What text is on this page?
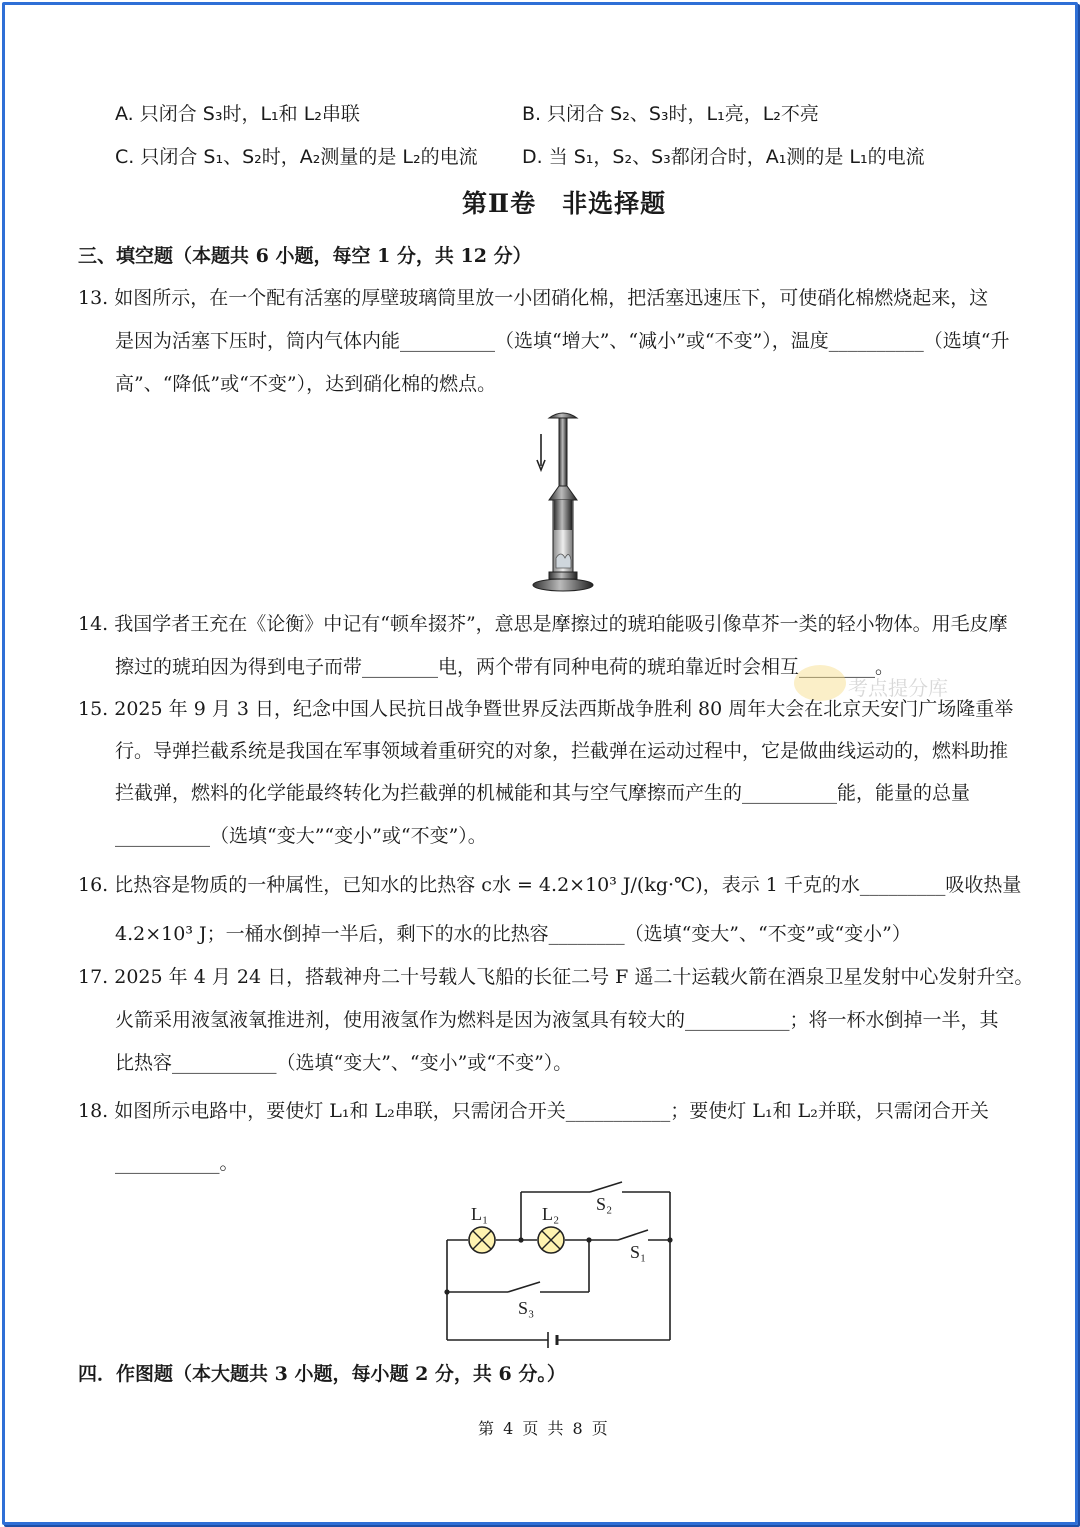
A. 只闭合 S₃时，L₁和 L₂串联	B. 只闭合 S₂、S₃时，L₁亮，L₂不亮
C. 只闭合 S₁、S₂时，A₂测量的是 L₂的电流 D. 当 S₁，S₂、S₃都闭合时，A₁测的是 L₁的电流
第Ⅱ卷　非选择题
三、填空题（本题共 6 小题，每空 1 分，共 12 分）
13. 如图所示，在一个配有活塞的厚壁玻璃筒里放一小团硝化棉，把活塞迅速压下，可使硝化棉燃烧起来，这
是因为活塞下压时，筒内气体内能__________（选填“增大”、“减小”或“不变”），温度__________（选填“升
高”、“降低”或“不变”），达到硝化棉的燃点。
14. 我国学者王充在《论衡》中记有“顿牟掇芥”，意思是摩擦过的琥珀能吸引像草芥一类的轻小物体。用毛皮摩
擦过的琥珀因为得到电子而带________电，两个带有同种电荷的琥珀靠近时会相互________。
考点提分库
15. 2025 年 9 月 3 日，纪念中国人民抗日战争暨世界反法西斯战争胜利 80 周年大会在北京天安门广场隆重举
行。导弹拦截系统是我国在军事领域着重研究的对象，拦截弹在运动过程中，它是做曲线运动的，燃料助推
拦截弹，燃料的化学能最终转化为拦截弹的机械能和其与空气摩擦而产生的__________能，能量的总量
__________（选填“变大”“变小”或“不变”）。
16. 比热容是物质的一种属性，已知水的比热容 c水 = 4.2×10³ J/(kg·℃)，表示 1 千克的水_________吸收热量
4.2×10³ J；一桶水倒掉一半后，剩下的水的比热容________（选填“变大”、“不变”或“变小”）
17. 2025 年 4 月 24 日，搭载神舟二十号载人飞船的长征二号 F 遥二十运载火箭在酒泉卫星发射中心发射升空。
火箭采用液氢液氧推进剂，使用液氢作为燃料是因为液氢具有较大的___________；将一杯水倒掉一半，其
比热容___________（选填“变大”、“变小”或“不变”）。
18. 如图所示电路中，要使灯 L₁和 L₂串联，只需闭合开关___________；要使灯 L₁和 L₂并联，只需闭合开关
___________。
L₁	L₂ S₂
S₁
S₃
四．作图题（本大题共 3 小题，每小题 2 分，共 6 分。）
第 4 页 共 8 页
